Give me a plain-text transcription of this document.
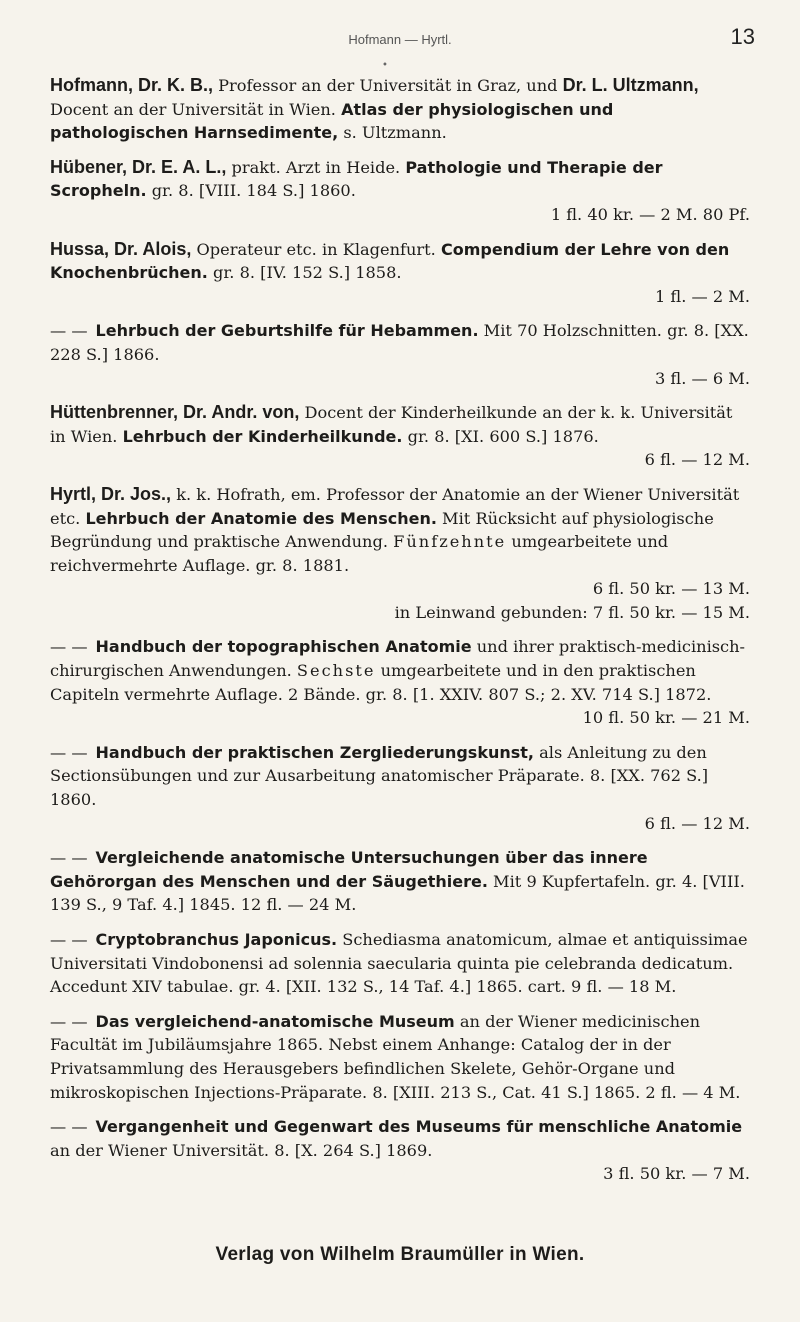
Hofmann — Hyrtl.	13
•

Hofmann, Dr. K. B., Professor an der Universität in Graz, und Dr. L. Ultzmann, Docent an der Universität in Wien. Atlas der physiologischen und pathologischen Harnsedimente, s. Ultzmann.

Hübener, Dr. E. A. L., prakt. Arzt in Heide. Pathologie und Therapie der Scropheln. gr. 8. [VIII. 184 S.] 1860.
1 fl. 40 kr. — 2 M. 80 Pf.

Hussa, Dr. Alois, Operateur etc. in Klagenfurt. Compendium der Lehre von den Knochenbrüchen. gr. 8. [IV. 152 S.] 1858.
1 fl. — 2 M.

— — Lehrbuch der Geburtshilfe für Hebammen. Mit 70 Holzschnitten. gr. 8. [XX. 228 S.] 1866.
3 fl. — 6 M.

Hüttenbrenner, Dr. Andr. von, Docent der Kinderheilkunde an der k. k. Universität in Wien. Lehrbuch der Kinderheilkunde. gr. 8. [XI. 600 S.] 1876.
6 fl. — 12 M.

Hyrtl, Dr. Jos., k. k. Hofrath, em. Professor der Anatomie an der Wiener Universität etc. Lehrbuch der Anatomie des Menschen. Mit Rücksicht auf physiologische Begründung und praktische Anwendung. Fünfzehnte umgearbeitete und reichvermehrte Auflage. gr. 8. 1881.
6 fl. 50 kr. — 13 M.
in Leinwand gebunden: 7 fl. 50 kr. — 15 M.

— — Handbuch der topographischen Anatomie und ihrer praktisch-medicinisch-chirurgischen Anwendungen. Sechste umgearbeitete und in den praktischen Capiteln vermehrte Auflage. 2 Bände. gr. 8. [1. XXIV. 807 S.; 2. XV. 714 S.] 1872.
10 fl. 50 kr. — 21 M.

— — Handbuch der praktischen Zergliederungskunst, als Anleitung zu den Sectionsübungen und zur Ausarbeitung anatomischer Präparate. 8. [XX. 762 S.] 1860.
6 fl. — 12 M.

— — Vergleichende anatomische Untersuchungen über das innere Gehörorgan des Menschen und der Säugethiere. Mit 9 Kupfertafeln. gr. 4. [VIII. 139 S., 9 Taf. 4.] 1845. 12 fl. — 24 M.

— — Cryptobranchus Japonicus. Schediasma anatomicum, almae et antiquissimae Universitati Vindobonensi ad solennia saecularia quinta pie celebranda dedicatum. Accedunt XIV tabulae. gr. 4. [XII. 132 S., 14 Taf. 4.] 1865. cart. 9 fl. — 18 M.

— — Das vergleichend-anatomische Museum an der Wiener medicinischen Facultät im Jubiläumsjahre 1865. Nebst einem Anhange: Catalog der in der Privatsammlung des Herausgebers befindlichen Skelete, Gehör-Organe und mikroskopischen Injections-Präparate. 8. [XIII. 213 S., Cat. 41 S.] 1865. 2 fl. — 4 M.

— — Vergangenheit und Gegenwart des Museums für menschliche Anatomie an der Wiener Universität. 8. [X. 264 S.] 1869.
3 fl. 50 kr. — 7 M.

Verlag von Wilhelm Braumüller in Wien.
